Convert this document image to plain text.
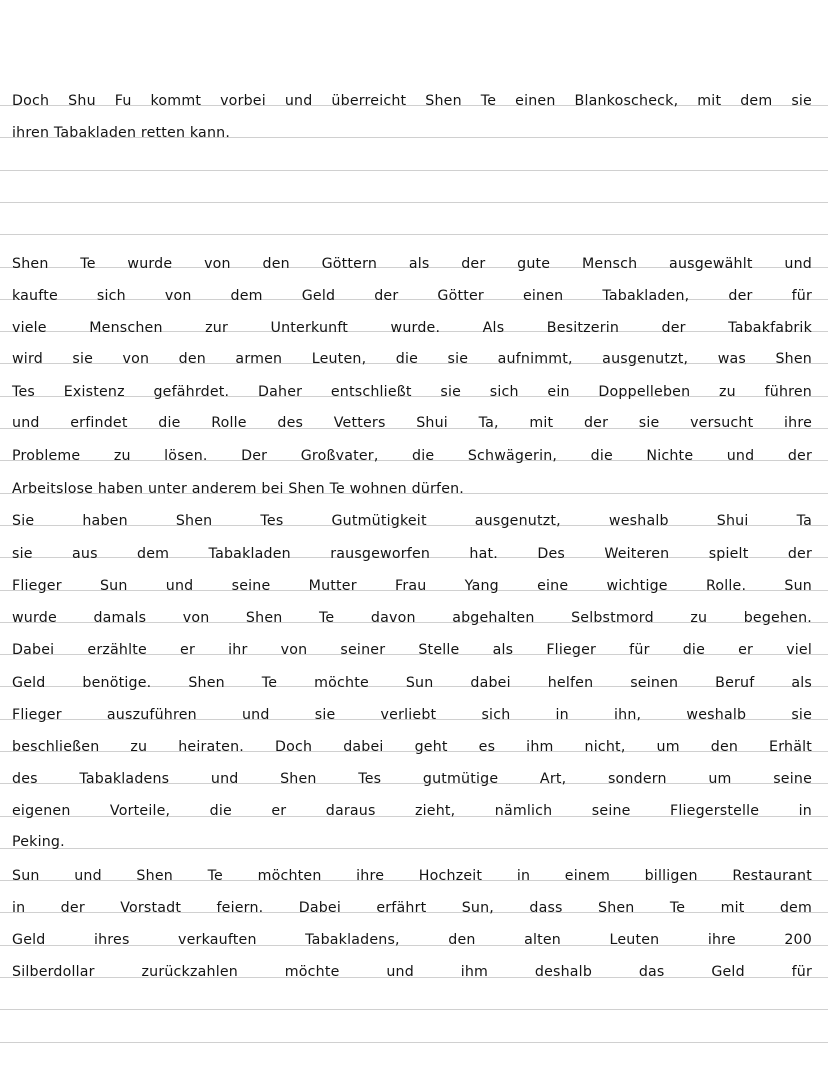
Doch Shu Fu kommt vorbei und überreicht Shen Te einen Blankoscheck, mit dem sie
ihren Tabakladen retten kann.
Shen Te wurde von den Göttern als der gute Mensch ausgewählt und
kaufte sich von dem Geld der Götter einen Tabakladen, der für
viele Menschen zur Unterkunft wurde. Als Besitzerin der Tabakfabrik
wird sie von den armen Leuten, die sie aufnimmt, ausgenutzt, was Shen
Tes Existenz gefährdet. Daher entschließt sie sich ein Doppelleben zu führen
und erfindet die Rolle des Vetters Shui Ta, mit der sie versucht ihre
Probleme zu lösen. Der Großvater, die Schwägerin, die Nichte und der
Arbeitslose haben unter anderem bei Shen Te wohnen dürfen.
Sie haben Shen Tes Gutmütigkeit ausgenutzt, weshalb Shui Ta
sie aus dem Tabakladen rausgeworfen hat. Des Weiteren spielt der
Flieger Sun und seine Mutter Frau Yang eine wichtige Rolle. Sun
wurde damals von Shen Te davon abgehalten Selbstmord zu begehen.
Dabei erzählte er ihr von seiner Stelle als Flieger für die er viel
Geld benötige. Shen Te möchte Sun dabei helfen seinen Beruf als
Flieger auszuführen und sie verliebt sich in ihn, weshalb sie
beschließen zu heiraten. Doch dabei geht es ihm nicht, um den Erhält
des Tabakladens und Shen Tes gutmütige Art, sondern um seine
eigenen Vorteile, die er daraus zieht, nämlich seine Fliegerstelle in
Peking.
Sun und Shen Te möchten ihre Hochzeit in einem billigen Restaurant
in der Vorstadt feiern. Dabei erfährt Sun, dass Shen Te mit dem
Geld ihres verkauften Tabakladens, den alten Leuten ihre 200
Silberdollar zurückzahlen möchte und ihm deshalb das Geld für
